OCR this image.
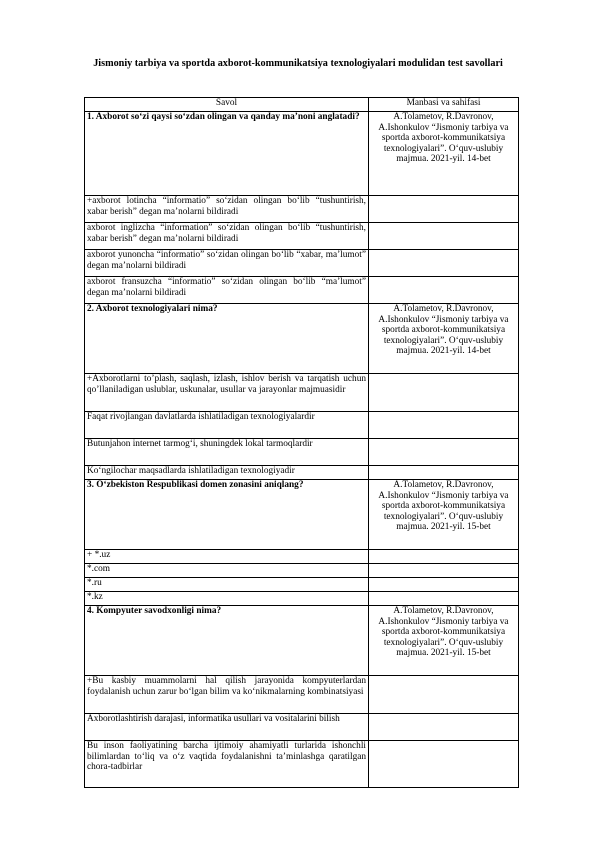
Jismoniy tarbiya va sportda axborot-kommunikatsiya texnologiyalari modulidan test savollari
Savol	Manbasi va sahifasi
1. Axborot so‘zi qaysi so‘zdan olingan va qanday ma’noni anglatadi?	A.Tolametov, R.Davronov, A.Ishonkulov “Jismoniy tarbiya va sportda axborot-kommunikatsiya texnologiyalari”. O‘quv-uslubiy majmua. 2021-yil. 14-bet
+axborot lotincha “informatio” so‘zidan olingan bo‘lib “tushuntirish, xabar berish” degan ma’nolarni bildiradi	
axborot inglizcha “information” so‘zidan olingan bo‘lib “tushuntirish, xabar berish” degan ma’nolarni bildiradi	
axborot yunoncha “informatio” so‘zidan olingan bo‘lib “xabar, ma’lumot” degan ma’nolarni bildiradi	
axborot fransuzcha “informatio” so‘zidan olingan bo‘lib “ma’lumot” degan ma’nolarni bildiradi	
2. Axborot texnologiyalari nima?	A.Tolametov, R.Davronov, A.Ishonkulov “Jismoniy tarbiya va sportda axborot-kommunikatsiya texnologiyalari”. O‘quv-uslubiy majmua. 2021-yil. 14-bet
+Axborotlarni to’plash, saqlash, izlash, ishlov berish va tarqatish uchun qo’llaniladigan uslublar, uskunalar, usullar va jarayonlar majmuasidir	
Faqat rivojlangan davlatlarda ishlatiladigan texnologiyalardir	
Butunjahon internet tarmog‘i, shuningdek lokal tarmoqlardir	
Ko‘ngilochar maqsadlarda ishlatiladigan texnologiyadir	
3. O‘zbekiston Respublikasi domen zonasini aniqlang?	A.Tolametov, R.Davronov, A.Ishonkulov “Jismoniy tarbiya va sportda axborot-kommunikatsiya texnologiyalari”. O‘quv-uslubiy majmua. 2021-yil. 15-bet
+ *.uz	
*.com	
*.ru	
*.kz	
4. Kompyuter savodxonligi nima?	A.Tolametov, R.Davronov, A.Ishonkulov “Jismoniy tarbiya va sportda axborot-kommunikatsiya texnologiyalari”. O‘quv-uslubiy majmua. 2021-yil. 15-bet
+Bu kasbiy muammolarni hal qilish jarayonida kompyuterlardan foydalanish uchun zarur bo‘lgan bilim va ko‘nikmalarning kombinatsiyasi	
Axborotlashtirish darajasi, informatika usullari va vositalarini bilish	
Bu inson faoliyatining barcha ijtimoiy ahamiyatli turlarida ishonchli bilimlardan to‘liq va o‘z vaqtida foydalanishni ta’minlashga qaratilgan chora-tadbirlar	
